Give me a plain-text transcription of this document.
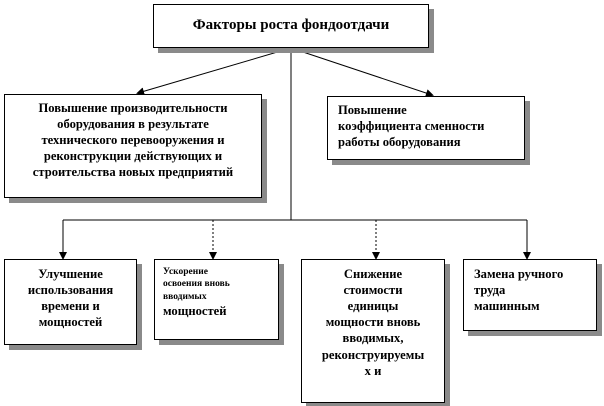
Факторы роста фондоотдачи
Повышение производительности
оборудования в результате
технического перевооружения и
реконструкции действующих и
строительства новых предприятий
Повышение
коэффициента сменности
работы оборудования
Улучшение
использования
времени и
мощностей
Ускорение
освоения вновь
вводимых
мощностей
Снижение
стоимости
единицы
мощности вновь
вводимых,
реконструируемы
х и
Замена ручного
труда
машинным
